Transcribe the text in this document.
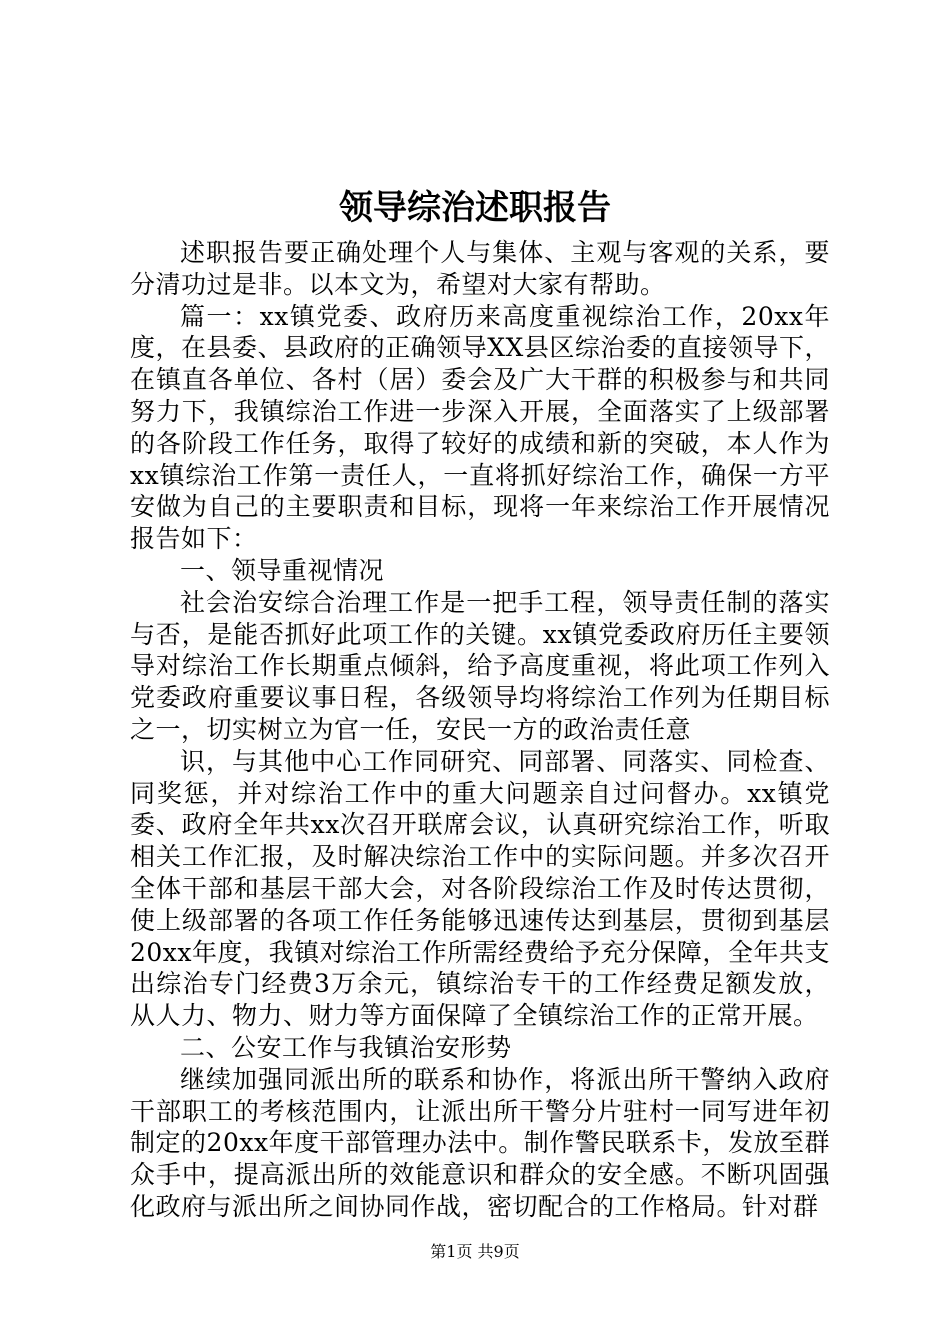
领导综治述职报告

述职报告要正确处理个人与集体、主观与客观的关系，要分清功过是非。以本文为，希望对大家有帮助。

篇一：xx镇党委、政府历来高度重视综治工作，20xx年度，在县委、县政府的正确领导XX县区综治委的直接领导下，在镇直各单位、各村（居）委会及广大干群的积极参与和共同努力下，我镇综治工作进一步深入开展，全面落实了上级部署的各阶段工作任务，取得了较好的成绩和新的突破，本人作为xx镇综治工作第一责任人，一直将抓好综治工作，确保一方平安做为自己的主要职责和目标，现将一年来综治工作开展情况报告如下：

一、领导重视情况

社会治安综合治理工作是一把手工程，领导责任制的落实与否，是能否抓好此项工作的关键。xx镇党委政府历任主要领导对综治工作长期重点倾斜，给予高度重视，将此项工作列入党委政府重要议事日程，各级领导均将综治工作列为任期目标之一，切实树立为官一任，安民一方的政治责任意

识，与其他中心工作同研究、同部署、同落实、同检查、同奖惩，并对综治工作中的重大问题亲自过问督办。xx镇党委、政府全年共xx次召开联席会议，认真研究综治工作，听取相关工作汇报，及时解决综治工作中的实际问题。并多次召开全体干部和基层干部大会，对各阶段综治工作及时传达贯彻，使上级部署的各项工作任务能够迅速传达到基层，贯彻到基层20xx年度，我镇对综治工作所需经费给予充分保障，全年共支出综治专门经费3万余元，镇综治专干的工作经费足额发放，从人力、物力、财力等方面保障了全镇综治工作的正常开展。

二、公安工作与我镇治安形势

继续加强同派出所的联系和协作，将派出所干警纳入政府干部职工的考核范围内，让派出所干警分片驻村一同写进年初制定的20xx年度干部管理办法中。制作警民联系卡，发放至群众手中，提高派出所的效能意识和群众的安全感。不断巩固强化政府与派出所之间协同作战，密切配合的工作格局。针对群

第1页 共9页
